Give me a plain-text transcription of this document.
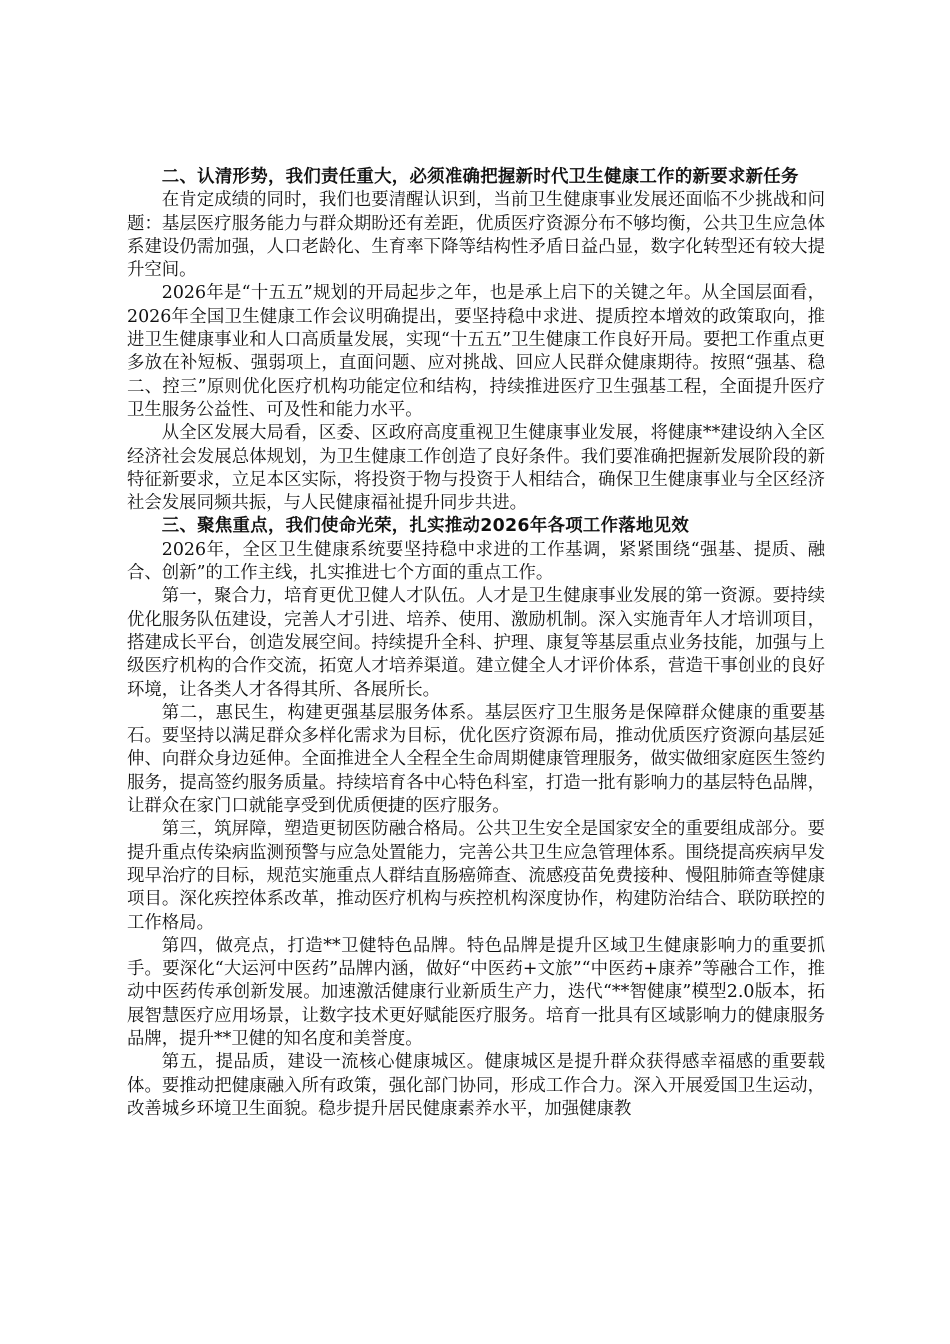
二、认清形势，我们责任重大，必须准确把握新时代卫生健康工作的新要求新任务

在肯定成绩的同时，我们也要清醒认识到，当前卫生健康事业发展还面临不少挑战和问题：基层医疗服务能力与群众期盼还有差距，优质医疗资源分布不够均衡，公共卫生应急体系建设仍需加强，人口老龄化、生育率下降等结构性矛盾日益凸显，数字化转型还有较大提升空间。

2026年是“十五五”规划的开局起步之年，也是承上启下的关键之年。从全国层面看，2026年全国卫生健康工作会议明确提出，要坚持稳中求进、提质控本增效的政策取向，推进卫生健康事业和人口高质量发展，实现“十五五”卫生健康工作良好开局。要把工作重点更多放在补短板、强弱项上，直面问题、应对挑战、回应人民群众健康期待。按照“强基、稳二、控三”原则优化医疗机构功能定位和结构，持续推进医疗卫生强基工程，全面提升医疗卫生服务公益性、可及性和能力水平。

从全区发展大局看，区委、区政府高度重视卫生健康事业发展，将健康**建设纳入全区经济社会发展总体规划，为卫生健康工作创造了良好条件。我们要准确把握新发展阶段的新特征新要求，立足本区实际，将投资于物与投资于人相结合，确保卫生健康事业与全区经济社会发展同频共振，与人民健康福祉提升同步共进。

三、聚焦重点，我们使命光荣，扎实推动2026年各项工作落地见效

2026年，全区卫生健康系统要坚持稳中求进的工作基调，紧紧围绕“强基、提质、融合、创新”的工作主线，扎实推进七个方面的重点工作。

第一，聚合力，培育更优卫健人才队伍。人才是卫生健康事业发展的第一资源。要持续优化服务队伍建设，完善人才引进、培养、使用、激励机制。深入实施青年人才培训项目，搭建成长平台，创造发展空间。持续提升全科、护理、康复等基层重点业务技能，加强与上级医疗机构的合作交流，拓宽人才培养渠道。建立健全人才评价体系，营造干事创业的良好环境，让各类人才各得其所、各展所长。

第二，惠民生，构建更强基层服务体系。基层医疗卫生服务是保障群众健康的重要基石。要坚持以满足群众多样化需求为目标，优化医疗资源布局，推动优质医疗资源向基层延伸、向群众身边延伸。全面推进全人全程全生命周期健康管理服务，做实做细家庭医生签约服务，提高签约服务质量。持续培育各中心特色科室，打造一批有影响力的基层特色品牌，让群众在家门口就能享受到优质便捷的医疗服务。

第三，筑屏障，塑造更韧医防融合格局。公共卫生安全是国家安全的重要组成部分。要提升重点传染病监测预警与应急处置能力，完善公共卫生应急管理体系。围绕提高疾病早发现早治疗的目标，规范实施重点人群结直肠癌筛查、流感疫苗免费接种、慢阻肺筛查等健康项目。深化疾控体系改革，推动医疗机构与疾控机构深度协作，构建防治结合、联防联控的工作格局。

第四，做亮点，打造**卫健特色品牌。特色品牌是提升区域卫生健康影响力的重要抓手。要深化“大运河中医药”品牌内涵，做好“中医药+文旅”“中医药+康养”等融合工作，推动中医药传承创新发展。加速激活健康行业新质生产力，迭代“**智健康”模型2.0版本，拓展智慧医疗应用场景，让数字技术更好赋能医疗服务。培育一批具有区域影响力的健康服务品牌，提升**卫健的知名度和美誉度。

第五，提品质，建设一流核心健康城区。健康城区是提升群众获得感幸福感的重要载体。要推动把健康融入所有政策，强化部门协同，形成工作合力。深入开展爱国卫生运动，改善城乡环境卫生面貌。稳步提升居民健康素养水平，加强健康教
